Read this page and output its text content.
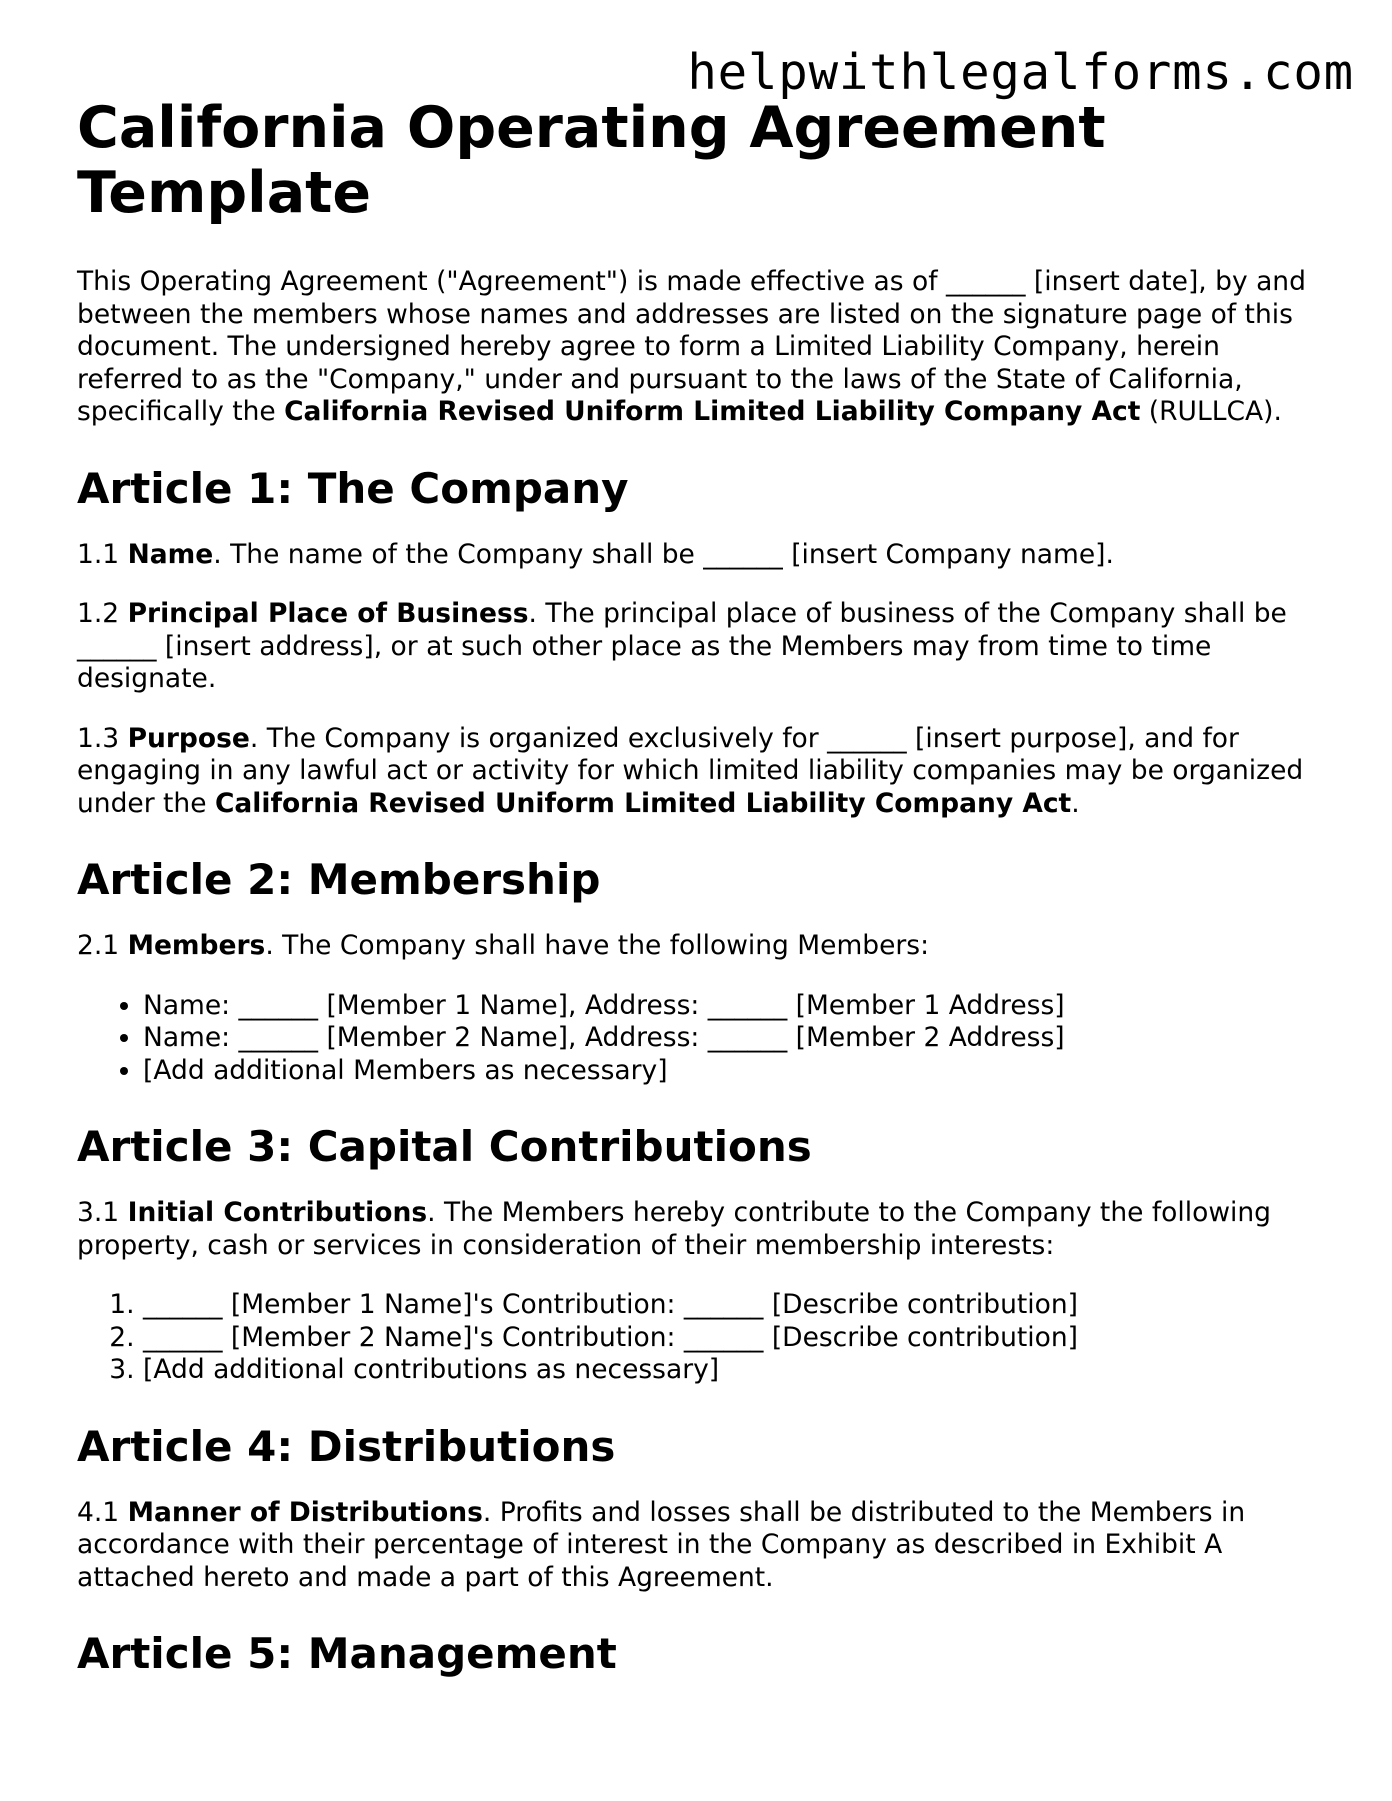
helpwithlegalforms.com
California Operating Agreement Template

This Operating Agreement ("Agreement") is made effective as of ______ [insert date], by and between the members whose names and addresses are listed on the signature page of this document. The undersigned hereby agree to form a Limited Liability Company, herein referred to as the "Company," under and pursuant to the laws of the State of California, specifically the California Revised Uniform Limited Liability Company Act (RULLCA).

Article 1: The Company

1.1 Name. The name of the Company shall be ______ [insert Company name].

1.2 Principal Place of Business. The principal place of business of the Company shall be ______ [insert address], or at such other place as the Members may from time to time designate.

1.3 Purpose. The Company is organized exclusively for ______ [insert purpose], and for engaging in any lawful act or activity for which limited liability companies may be organized under the California Revised Uniform Limited Liability Company Act.

Article 2: Membership

2.1 Members. The Company shall have the following Members:

• Name: ______ [Member 1 Name], Address: ______ [Member 1 Address]
• Name: ______ [Member 2 Name], Address: ______ [Member 2 Address]
• [Add additional Members as necessary]
Article 3: Capital Contributions

3.1 Initial Contributions. The Members hereby contribute to the Company the following property, cash or services in consideration of their membership interests:

1. ______ [Member 1 Name]'s Contribution: ______ [Describe contribution]
2. ______ [Member 2 Name]'s Contribution: ______ [Describe contribution]
3. [Add additional contributions as necessary]
Article 4: Distributions

4.1 Manner of Distributions. Profits and losses shall be distributed to the Members in accordance with their percentage of interest in the Company as described in Exhibit A attached hereto and made a part of this Agreement.

Article 5: Management
